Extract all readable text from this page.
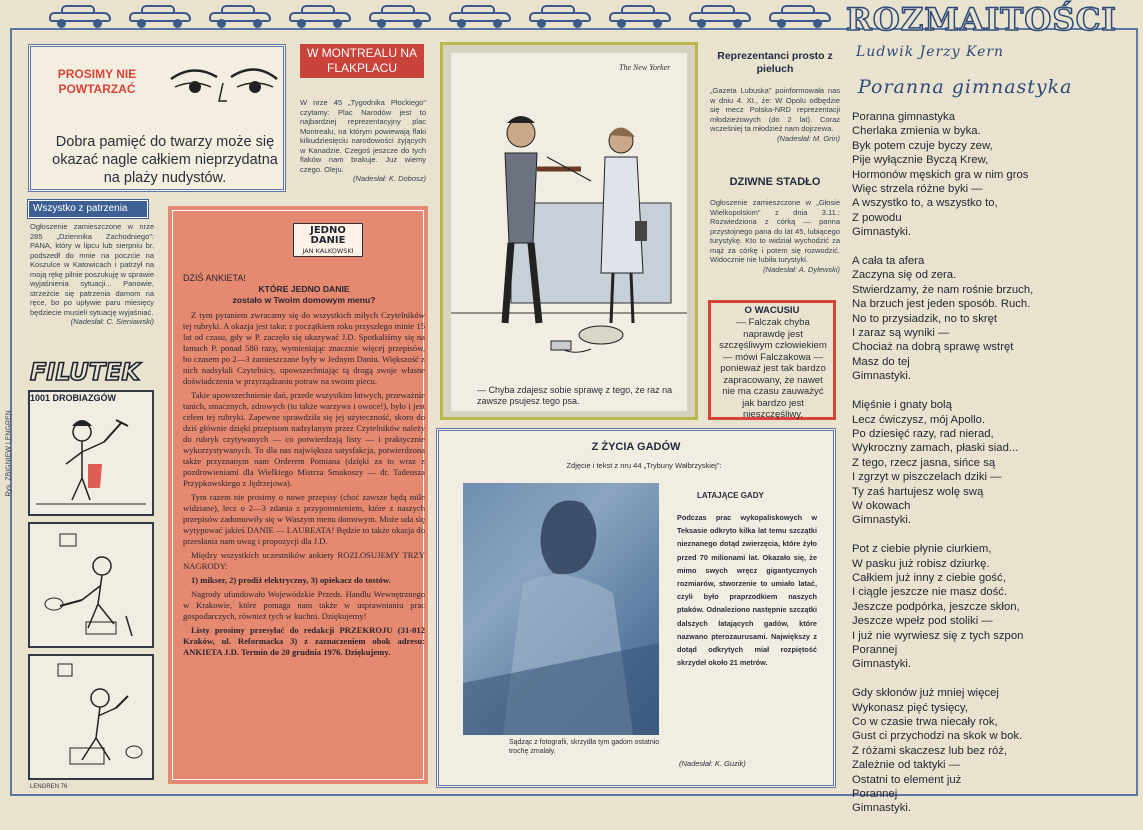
ROZMAITOŚCI
PROSIMY NIE POWTARZAĆ
Dobra pamięć do twarzy może się okazać nagle całkiem nieprzydatna na plaży nudystów.
W MONTREALU NA FLAKPLACU
W nrze 45 „Tygodnika Płockiego" czytamy: Plac Narodów jest to najbardziej reprezentacyjny plac Montrealu, na którym powiewają flaki kilkudziesięciu narodowości żyjących w Kanadzie. Czegoś jeszcze do tych flaków nam brakuje. Już wiemy czego. Oleju.
(Nadesłał: K. Dobosz)
Wszystko z patrzenia
Ogłoszenie zamieszczone w nrze 285 „Dziennika Zachodniego": PANA, który w lipcu lub sierpniu br. podszedł do mnie na poczcie na Koszulce w Katowicach i patrzył na moją rękę pilnie poszukuję w sprawie wyjaśnienia sytuacji... Panowie, strzeżcie się patrzenia damom na ręce, bo po upływie paru miesięcy będziecie musieli sytuację wyjaśniać.
(Nadesłał: C. Sieniawski)
FILUTEK
Rys. ZBIGNIEW LENGREN
1001 DROBIAZGÓW
LENGREN 76
JEDNO
DANIE
JAN KALKOWSKI
DZIŚ ANKIETA!
KTÓRE JEDNO DANIE
zostało w Twoim domowym menu?

Z tym pytaniem zwracamy się do wszystkich miłych Czytelników tej rubryki. A okazja jest taka: z początkiem roku przyszłego minie 15 lat od czasu, gdy w P. zaczęło się ukazywać J.D. Spotkaliśmy się na łamach P. ponad 580 razy, wymieniając znacznie więcej przepisów, bo czasem po 2—3 zamieszczane były w Jednym Daniu. Większość z nich nadsyłali Czytelnicy, upowszechniając tą drogą swoje własne doświadczenia w przyrządzaniu potraw na swoim piecu.

Takie upowszechnienie dań, przede wszystkim łatwych, przeważnie tanich, smacznych, zdrowych (tu także warzywa i owoce!), było i jest celem tej rubryki. Zapewne sprawdziła się jej użyteczność, skoro do dziś głównie dzięki przepisom nadsyłanym przez Czytelników należy do rubryk czytywanych — co potwierdzają listy — i praktycznie wykorzystywanych. To dla nas największa satysfakcja, potwierdzona także przyznanym nam Orderem Pomiana (dzięki za to wraz z pozdrowieniami dla Wielkiego Mistrza Smakoszy — dr. Tadeusza Przypkowskiego z Jędrzejowa).

Tym razem nie prosimy o nowe przepisy (choć zawsze będą mile widziane), lecz o 2—3 zdania z przypomnieniem, które z naszych przepisów zadomowiły się w Waszym menu domowym. Może uda się wytypować jakieś DANIE — LAUREATA! Będzie to także okazja do przesłania nam uwag i propozycji dla J.D.

Między wszystkich uczestników ankiety ROZLOSUJEMY TRZY NAGRODY:

1) mikser, 2) prodiż elektryczny, 3) opiekacz do tostów.

Nagrody ufundowało Wojewódzkie Przeds. Handlu Wewnętrznego w Krakowie, które pomaga nam także w usprawnianiu prac gospodarczych, również tych w kuchni. Dziękujemy!

Listy prosimy przesyłać do redakcji PRZEKROJU (31-012 Kraków, ul. Reformacka 3) z zaznaczeniem obok adresu: ANKIETA J.D. Termin do 20 grudnia 1976. Dziękujemy.

The New Yorker
— Chyba zdajesz sobie sprawę z tego, że raz na zawsze psujesz tego psa.
Reprezentanci prosto z pieluch
„Gazeta Lubuska" poinformowała nas w dniu 4. XI., że: W Opolu odbędzie się mecz Polska-NRD reprezentacji młodzieżowych (do 2 lat). Coraz wcześniej ta młodzież nam dojrzewa.
(Nadesłał: M. Grin)
DZIWNE STADŁO
Ogłoszenie zamieszczone w „Głosie Wielkopolskim" z dnia 3.11.: Rozwiedziona z córką — panna przystojnego pana do lat 45, lubiącego turystykę. Kto to widział wychodzić za mąż za córkę i potem się rozwodzić. Widocznie nie lubiła turystyki.
(Nadesłał: A. Dylewski)
O WACUSIU
— Falczak chyba naprawdę jest szczęśliwym człowiekiem — mówi Falczakowa — ponieważ jest tak bardzo zapracowany, że nawet nie ma czasu zauważyć jak bardzo jest nieszczęśliwy.
Z ŻYCIA GADÓW
Zdjęcie i tekst z nru 44 „Trybuny Wałbrzyskiej":
Sądząc z fotografii, skrzydła tym gadom ostatnio trochę zmalały.
LATAJĄCE GADY
Podczas prac wykopaliskowych w Teksasie odkryto kilka lat temu szczątki nieznanego dotąd zwierzęcia, które żyło przed 70 milionami lat. Okazało się, że mimo swych wręcz gigantycznych rozmiarów, stworzenie to umiało latać, czyli było praprzodkiem naszych ptaków. Odnaleziono następnie szczątki dalszych latających gadów, które nazwano pterozaurusami. Największy z dotąd odkrytych miał rozpiętość skrzydeł około 21 metrów.
(Nadesłał: K. Guzik)
Ludwik Jerzy Kern
Poranna gimnastyka
Poranna gimnastyka
Cherlaka zmienia w byka.
Byk potem czuje byczy zew,
Pije wyłącznie Byczą Krew,
Hormonów męskich gra w nim gros
Więc strzela różne byki —
A wszystko to, a wszystko to,
Z powodu
Gimnastyki.
A cała ta afera
Zaczyna się od zera.
Stwierdzamy, że nam rośnie brzuch,
Na brzuch jest jeden sposób. Ruch.
No to przysiadzik, no to skręt
I zaraz są wyniki —
Chociaż na dobrą sprawę wstręt
Masz do tej
Gimnastyki.
Mięśnie i gnaty bolą
Lecz ćwiczysz, mój Apollo.
Po dziesięć razy, rad nierad,
Wykroczny zamach, płaski siad...
Z tego, rzecz jasna, sińce są
I zgrzyt w piszczelach dziki —
Ty zaś hartujesz wolę swą
W okowach
Gimnastyki.
Pot z ciebie płynie ciurkiem,
W pasku już robisz dziurkę.
Całkiem już inny z ciebie gość,
I ciągle jeszcze nie masz dość.
Jeszcze podpórka, jeszcze skłon,
Jeszcze wpełz pod stoliki —
I już nie wyrwiesz się z tych szpon
Porannej
Gimnastyki.
Gdy skłonów już mniej więcej
Wykonasz pięć tysięcy,
Co w czasie trwa niecały rok,
Gust ci przychodzi na skok w bok.
Z różami skaczesz lub bez róż,
Zależnie od taktyki —
Ostatni to element już
Porannej
Gimnastyki.
